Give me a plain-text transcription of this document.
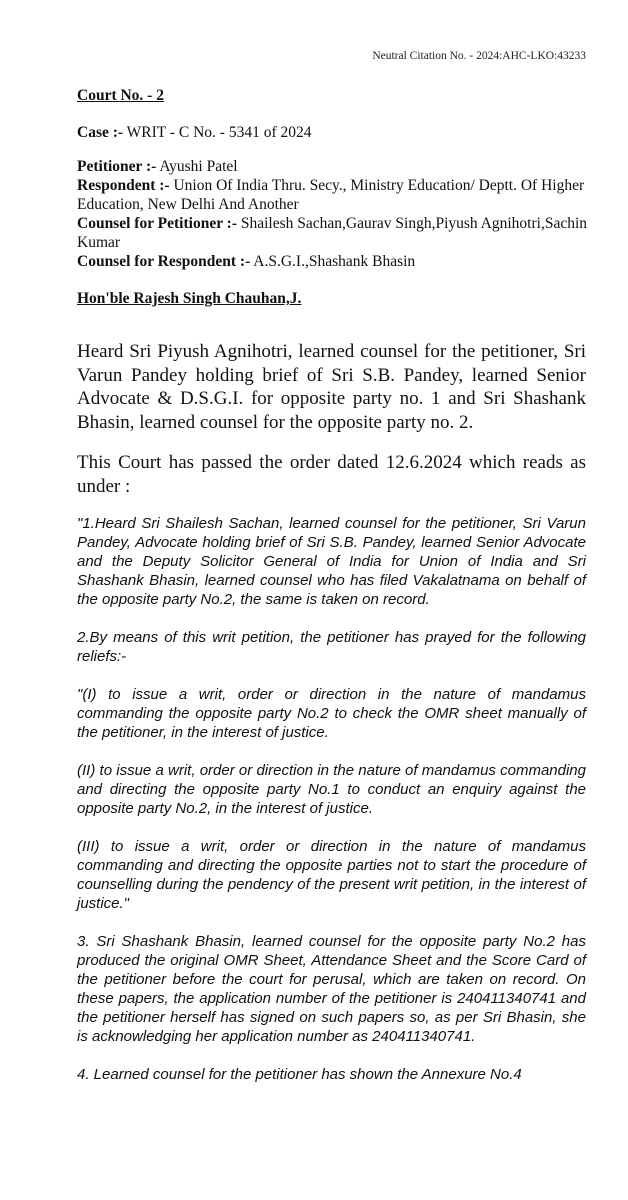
Neutral Citation No. - 2024:AHC-LKO:43233
Court No. - 2
Case :- WRIT - C No. - 5341 of 2024
Petitioner :- Ayushi Patel
Respondent :- Union Of India Thru. Secy., Ministry Education/ Deptt. Of Higher Education, New Delhi And Another
Counsel for Petitioner :- Shailesh Sachan,Gaurav Singh,Piyush Agnihotri,Sachin Kumar
Counsel for Respondent :- A.S.G.I.,Shashank Bhasin
Hon'ble Rajesh Singh Chauhan,J.

Heard Sri Piyush Agnihotri, learned counsel for the petitioner, Sri Varun Pandey holding brief of Sri S.B. Pandey, learned Senior Advocate & D.S.G.I. for opposite party no. 1 and Sri Shashank Bhasin, learned counsel for the opposite party no. 2.

This Court has passed the order dated 12.6.2024 which reads as under :

"1.Heard Sri Shailesh Sachan, learned counsel for the petitioner, Sri Varun Pandey, Advocate holding brief of Sri S.B. Pandey, learned Senior Advocate and the Deputy Solicitor General of India for Union of India and Sri Shashank Bhasin, learned counsel who has filed Vakalatnama on behalf of the opposite party No.2, the same is taken on record.

2.By means of this writ petition, the petitioner has prayed for the following reliefs:-

"(I) to issue a writ, order or direction in the nature of mandamus commanding the opposite party No.2 to check the OMR sheet manually of the petitioner, in the interest of justice.

(II) to issue a writ, order or direction in the nature of mandamus commanding and directing the opposite party No.1 to conduct an enquiry against the opposite party No.2, in the interest of justice.

(III) to issue a writ, order or direction in the nature of mandamus commanding and directing the opposite parties not to start the procedure of counselling during the pendency of the present writ petition, in the interest of justice."

3. Sri Shashank Bhasin, learned counsel for the opposite party No.2 has produced the original OMR Sheet, Attendance Sheet and the Score Card of the petitioner before the court for perusal, which are taken on record. On these papers, the application number of the petitioner is 240411340741 and the petitioner herself has signed on such papers so, as per Sri Bhasin, she is acknowledging her application number as 240411340741.

4. Learned counsel for the petitioner has shown the Annexure No.4
